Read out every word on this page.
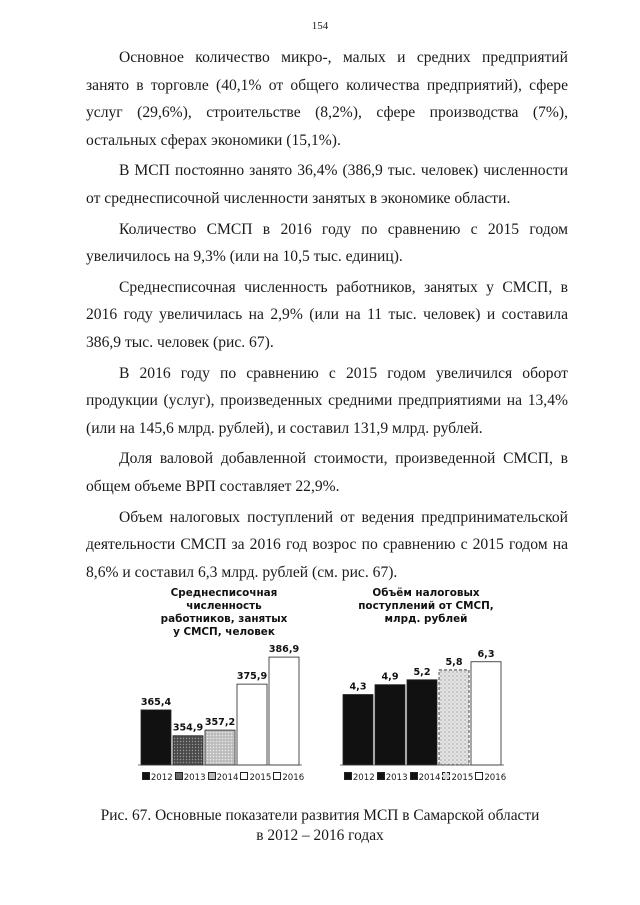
154

Основное количество микро-, малых и средних предприятий занято в торговле (40,1% от общего количества предприятий), сфере услуг (29,6%), строительстве (8,2%), сфере производства (7%), остальных сферах экономики (15,1%).

В МСП постоянно занято 36,4% (386,9 тыс. человек) численности от среднесписочной численности занятых в экономике области.

Количество СМСП в 2016 году по сравнению с 2015 годом увеличилось на 9,3% (или на 10,5 тыс. единиц).

Среднесписочная численность работников, занятых у СМСП, в 2016 году увеличилась на 2,9% (или на 11 тыс. человек) и составила 386,9 тыс. человек (рис. 67).

В 2016 году по сравнению с 2015 годом увеличился оборот продукции (услуг), произведенных средними предприятиями на 13,4% (или на 145,6 млрд. рублей), и составил 131,9 млрд. рублей.

Доля валовой добавленной стоимости, произведенной СМСП, в общем объеме ВРП составляет 22,9%.

Объем налоговых поступлений от ведения предпринимательской деятельности СМСП за 2016 год возрос по сравнению с 2015 годом на 8,6% и составил 6,3 млрд. рублей (см. рис. 67).

Среднесписочная численность
работников, занятых
у СМСП, человек
365,4
354,9
357,2
375,9
386,9
2012 2013 2014 2015 2016
Объём налоговых
поступлений от СМСП,
млрд. рублей
4,3
4,9 5,2
5,8
6,3
2012 2013 2014 2015 2016
Рис. 67. Основные показатели развития МСП в Самарской области
в 2012 – 2016 годах
